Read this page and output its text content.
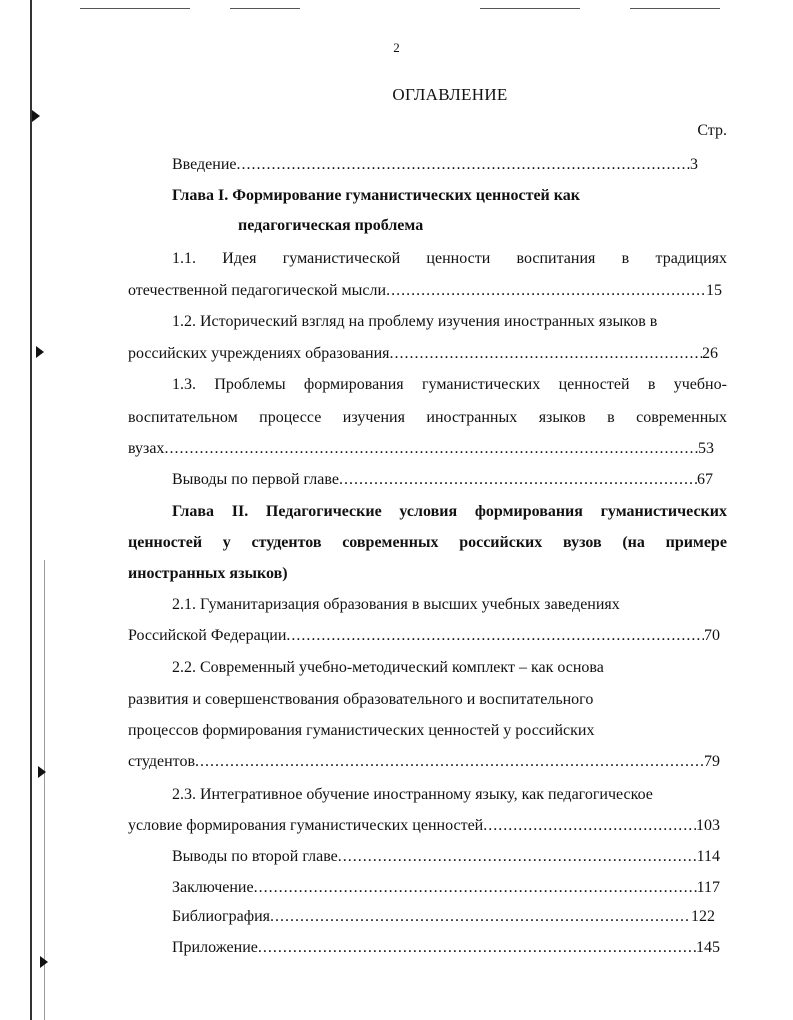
2
ОГЛАВЛЕНИЕ
Стр.
Введение .....	3
Глава I. Формирование гуманистических ценностей как
педагогическая проблема
1.1. Идея гуманистической ценности воспитания в традициях
отечественной педагогической мысли .....	15
1.2. Исторический взгляд на проблему изучения иностранных языков в
российских учреждениях образования .....	26
1.3. Проблемы формирования гуманистических ценностей в учебно-
воспитательном процессе изучения иностранных языков в современных
вузах .....	53
Выводы по первой главе .....	67
Глава II. Педагогические условия формирования гуманистических
ценностей у студентов современных российских вузов (на примере
иностранных языков)
2.1. Гуманитаризация образования в высших учебных заведениях
Российской Федерации .....	70
2.2. Современный учебно-методический комплект – как основа
развития и совершенствования образовательного и воспитательного
процессов формирования гуманистических ценностей у российских
студентов .....	79
2.3. Интегративное обучение иностранному языку, как педагогическое
условие формирования гуманистических ценностей .....	103
Выводы по второй главе .....	114
Заключение .....	117
Библиография .....	122
Приложение .....	145
